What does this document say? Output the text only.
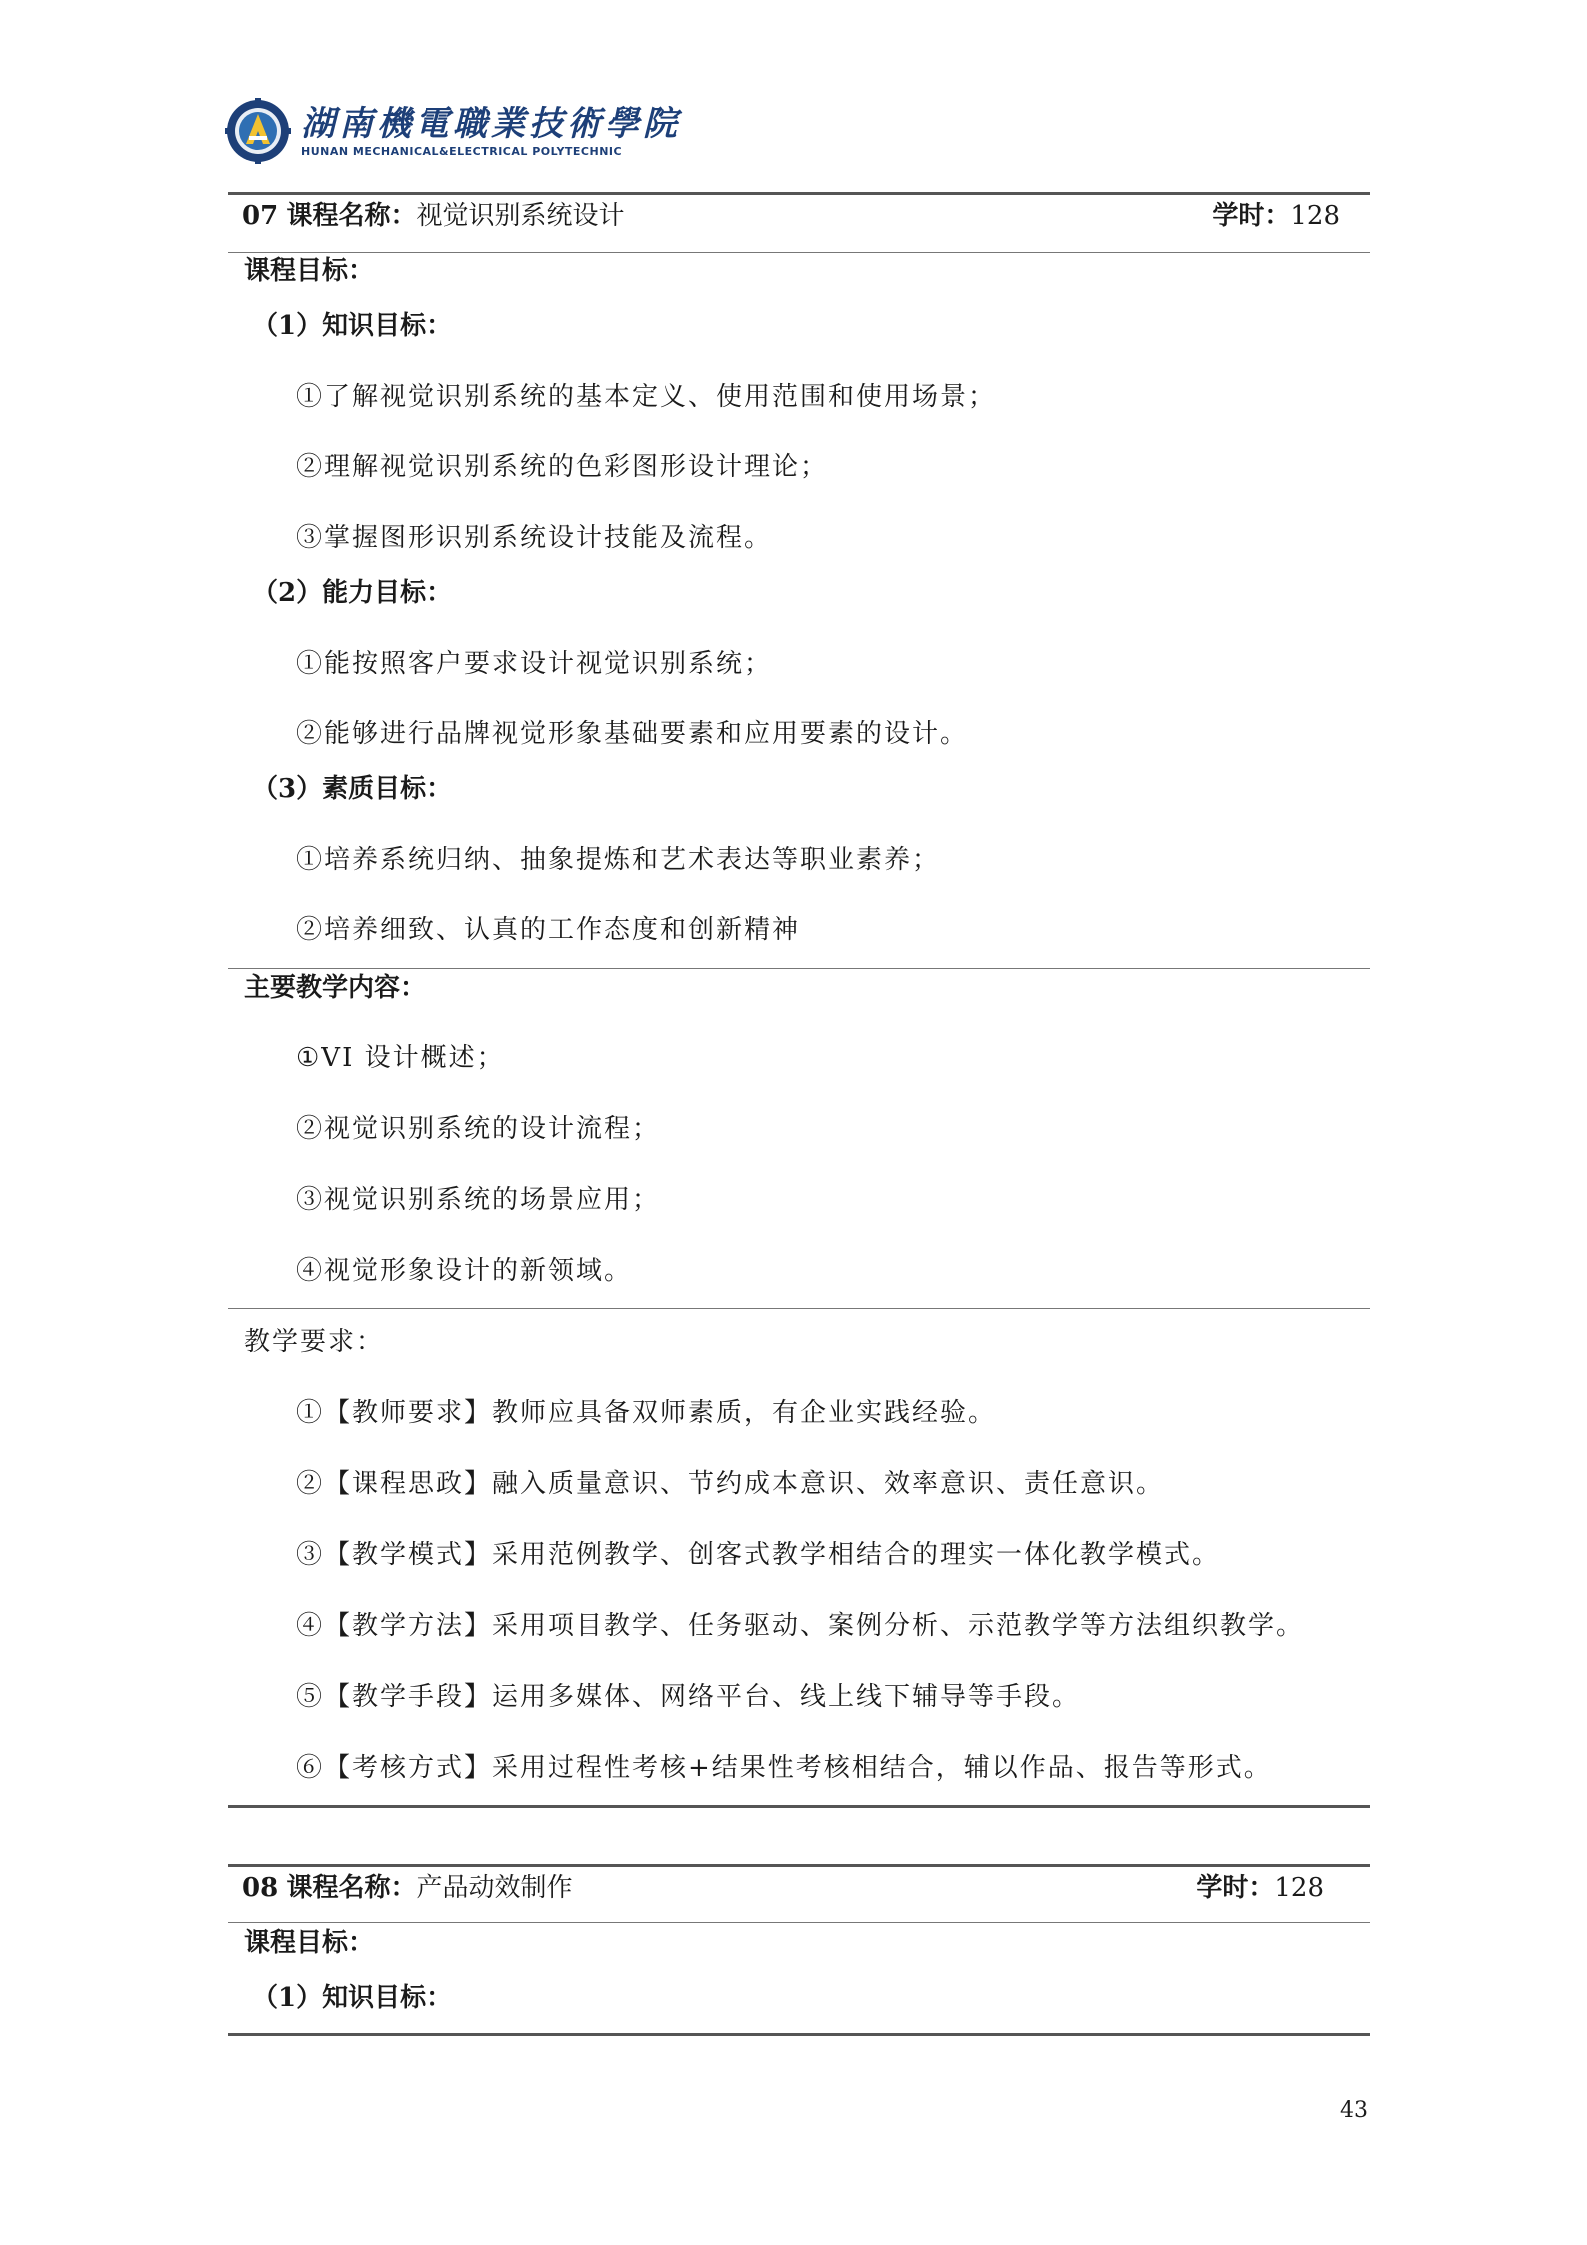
湖南機電職業技術學院
HUNAN MECHANICAL&ELECTRICAL POLYTECHNIC
07 课程名称：视觉识别系统设计	学时：128
课程目标：
（1）知识目标：
①了解视觉识别系统的基本定义、使用范围和使用场景；
②理解视觉识别系统的色彩图形设计理论；
③掌握图形识别系统设计技能及流程。
（2）能力目标：
①能按照客户要求设计视觉识别系统；
②能够进行品牌视觉形象基础要素和应用要素的设计。
（3）素质目标：
①培养系统归纳、抽象提炼和艺术表达等职业素养；
②培养细致、认真的工作态度和创新精神
主要教学内容：
①VI 设计概述；
②视觉识别系统的设计流程；
③视觉识别系统的场景应用；
④视觉形象设计的新领域。
教学要求：
①【教师要求】教师应具备双师素质，有企业实践经验。
②【课程思政】融入质量意识、节约成本意识、效率意识、责任意识。
③【教学模式】采用范例教学、创客式教学相结合的理实一体化教学模式。
④【教学方法】采用项目教学、任务驱动、案例分析、示范教学等方法组织教学。
⑤【教学手段】运用多媒体、网络平台、线上线下辅导等手段。
⑥【考核方式】采用过程性考核+结果性考核相结合，辅以作品、报告等形式。
08 课程名称：产品动效制作	学时：128
课程目标：
（1）知识目标：
43
